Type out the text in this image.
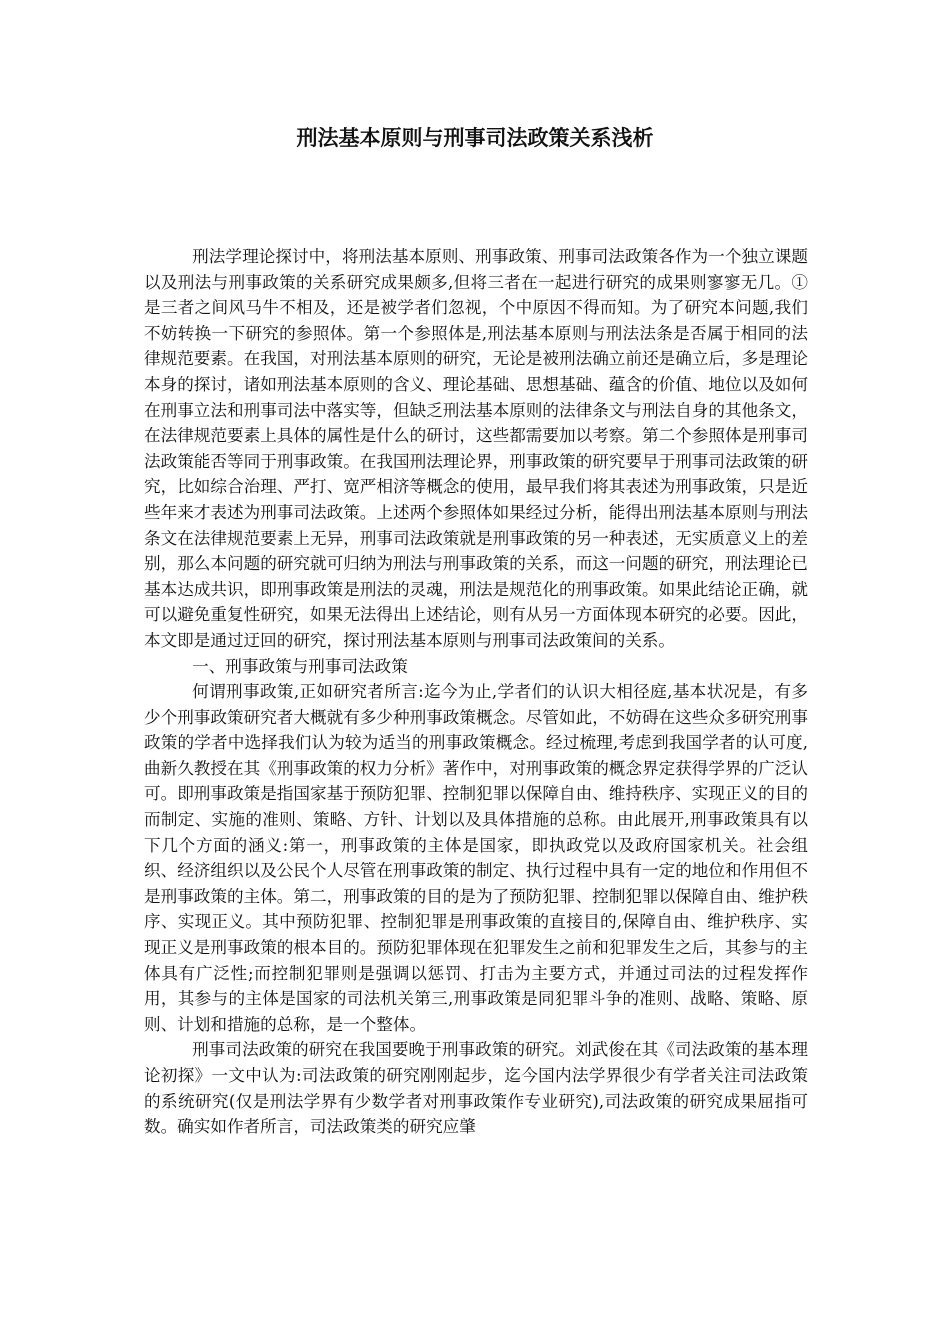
刑法基本原则与刑事司法政策关系浅析

刑法学理论探讨中，将刑法基本原则、刑事政策、刑事司法政策各作为一个独立课题以及刑法与刑事政策的关系研究成果颇多,但将三者在一起进行研究的成果则寥寥无几。①是三者之间风马牛不相及，还是被学者们忽视，个中原因不得而知。为了研究本问题,我们不妨转换一下研究的参照体。第一个参照体是,刑法基本原则与刑法法条是否属于相同的法律规范要素。在我国，对刑法基本原则的研究，无论是被刑法确立前还是确立后，多是理论本身的探讨，诸如刑法基本原则的含义、理论基础、思想基础、蕴含的价值、地位以及如何在刑事立法和刑事司法中落实等，但缺乏刑法基本原则的法律条文与刑法自身的其他条文，在法律规范要素上具体的属性是什么的研讨，这些都需要加以考察。第二个参照体是刑事司法政策能否等同于刑事政策。在我国刑法理论界，刑事政策的研究要早于刑事司法政策的研究，比如综合治理、严打、宽严相济等概念的使用，最早我们将其表述为刑事政策，只是近些年来才表述为刑事司法政策。上述两个参照体如果经过分析，能得出刑法基本原则与刑法条文在法律规范要素上无异，刑事司法政策就是刑事政策的另一种表述，无实质意义上的差别，那么本问题的研究就可归纳为刑法与刑事政策的关系，而这一问题的研究，刑法理论已基本达成共识，即刑事政策是刑法的灵魂，刑法是规范化的刑事政策。如果此结论正确，就可以避免重复性研究，如果无法得出上述结论，则有从另一方面体现本研究的必要。因此，本文即是通过迂回的研究，探讨刑法基本原则与刑事司法政策间的关系。

一、刑事政策与刑事司法政策

何谓刑事政策,正如研究者所言:迄今为止,学者们的认识大相径庭,基本状况是，有多少个刑事政策研究者大概就有多少种刑事政策概念。尽管如此，不妨碍在这些众多研究刑事政策的学者中选择我们认为较为适当的刑事政策概念。经过梳理,考虑到我国学者的认可度,曲新久教授在其《刑事政策的权力分析》著作中，对刑事政策的概念界定获得学界的广泛认可。即刑事政策是指国家基于预防犯罪、控制犯罪以保障自由、维持秩序、实现正义的目的而制定、实施的准则、策略、方针、计划以及具体措施的总称。由此展开,刑事政策具有以下几个方面的涵义:第一，刑事政策的主体是国家，即执政党以及政府国家机关。社会组织、经济组织以及公民个人尽管在刑事政策的制定、执行过程中具有一定的地位和作用但不是刑事政策的主体。第二，刑事政策的目的是为了预防犯罪、控制犯罪以保障自由、维护秩序、实现正义。其中预防犯罪、控制犯罪是刑事政策的直接目的,保障自由、维护秩序、实现正义是刑事政策的根本目的。预防犯罪体现在犯罪发生之前和犯罪发生之后，其参与的主体具有广泛性;而控制犯罪则是强调以惩罚、打击为主要方式，并通过司法的过程发挥作用，其参与的主体是国家的司法机关第三,刑事政策是同犯罪斗争的准则、战略、策略、原则、计划和措施的总称，是一个整体。

刑事司法政策的研究在我国要晚于刑事政策的研究。刘武俊在其《司法政策的基本理论初探》一文中认为:司法政策的研究刚刚起步，迄今国内法学界很少有学者关注司法政策的系统研究(仅是刑法学界有少数学者对刑事政策作专业研究),司法政策的研究成果屈指可数。确实如作者所言，司法政策类的研究应肇
